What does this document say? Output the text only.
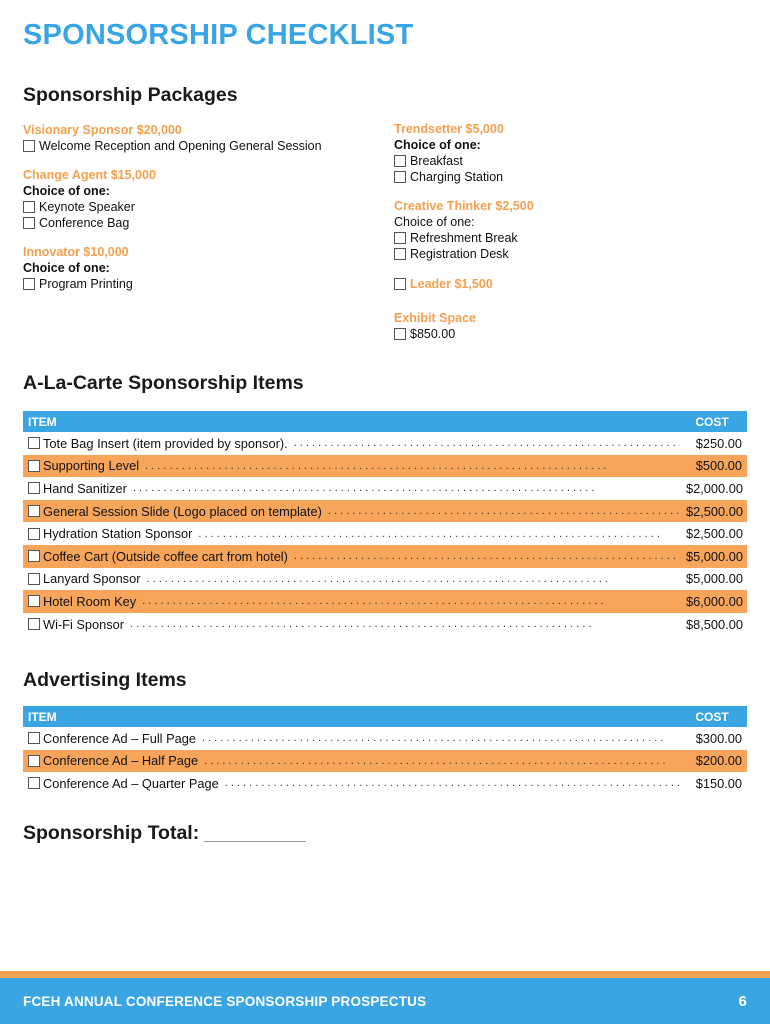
SPONSORSHIP CHECKLIST
Sponsorship Packages
Visionary Sponsor $20,000
Welcome Reception and Opening General Session
Change Agent $15,000
Choice of one:
Keynote Speaker
Conference Bag
Innovator $10,000
Choice of one:
Program Printing
Trendsetter $5,000
Choice of one:
Breakfast
Charging Station
Creative Thinker $2,500
Choice of one:
Refreshment Break
Registration Desk
Leader $1,500
Exhibit Space
$850.00
A-La-Carte Sponsorship Items
ITEM	COST
Tote Bag Insert (item provided by sponsor). . . .	$250.00
Supporting Level . . .	$500.00
Hand Sanitizer . . .	$2,000.00
General Session Slide (Logo placed on template) . . .	$2,500.00
Hydration Station Sponsor . . .	$2,500.00
Coffee Cart (Outside coffee cart from hotel) . . .	$5,000.00
Lanyard Sponsor . . .	$5,000.00
Hotel Room Key . . .	$6,000.00
Wi-Fi Sponsor . . .	$8,500.00
Advertising Items
ITEM	COST
Conference Ad – Full Page . . .	$300.00
Conference Ad – Half Page . . .	$200.00
Conference Ad – Quarter Page . . .	$150.00
Sponsorship Total:
FCEH ANNUAL CONFERENCE SPONSORSHIP PROSPECTUS	6
